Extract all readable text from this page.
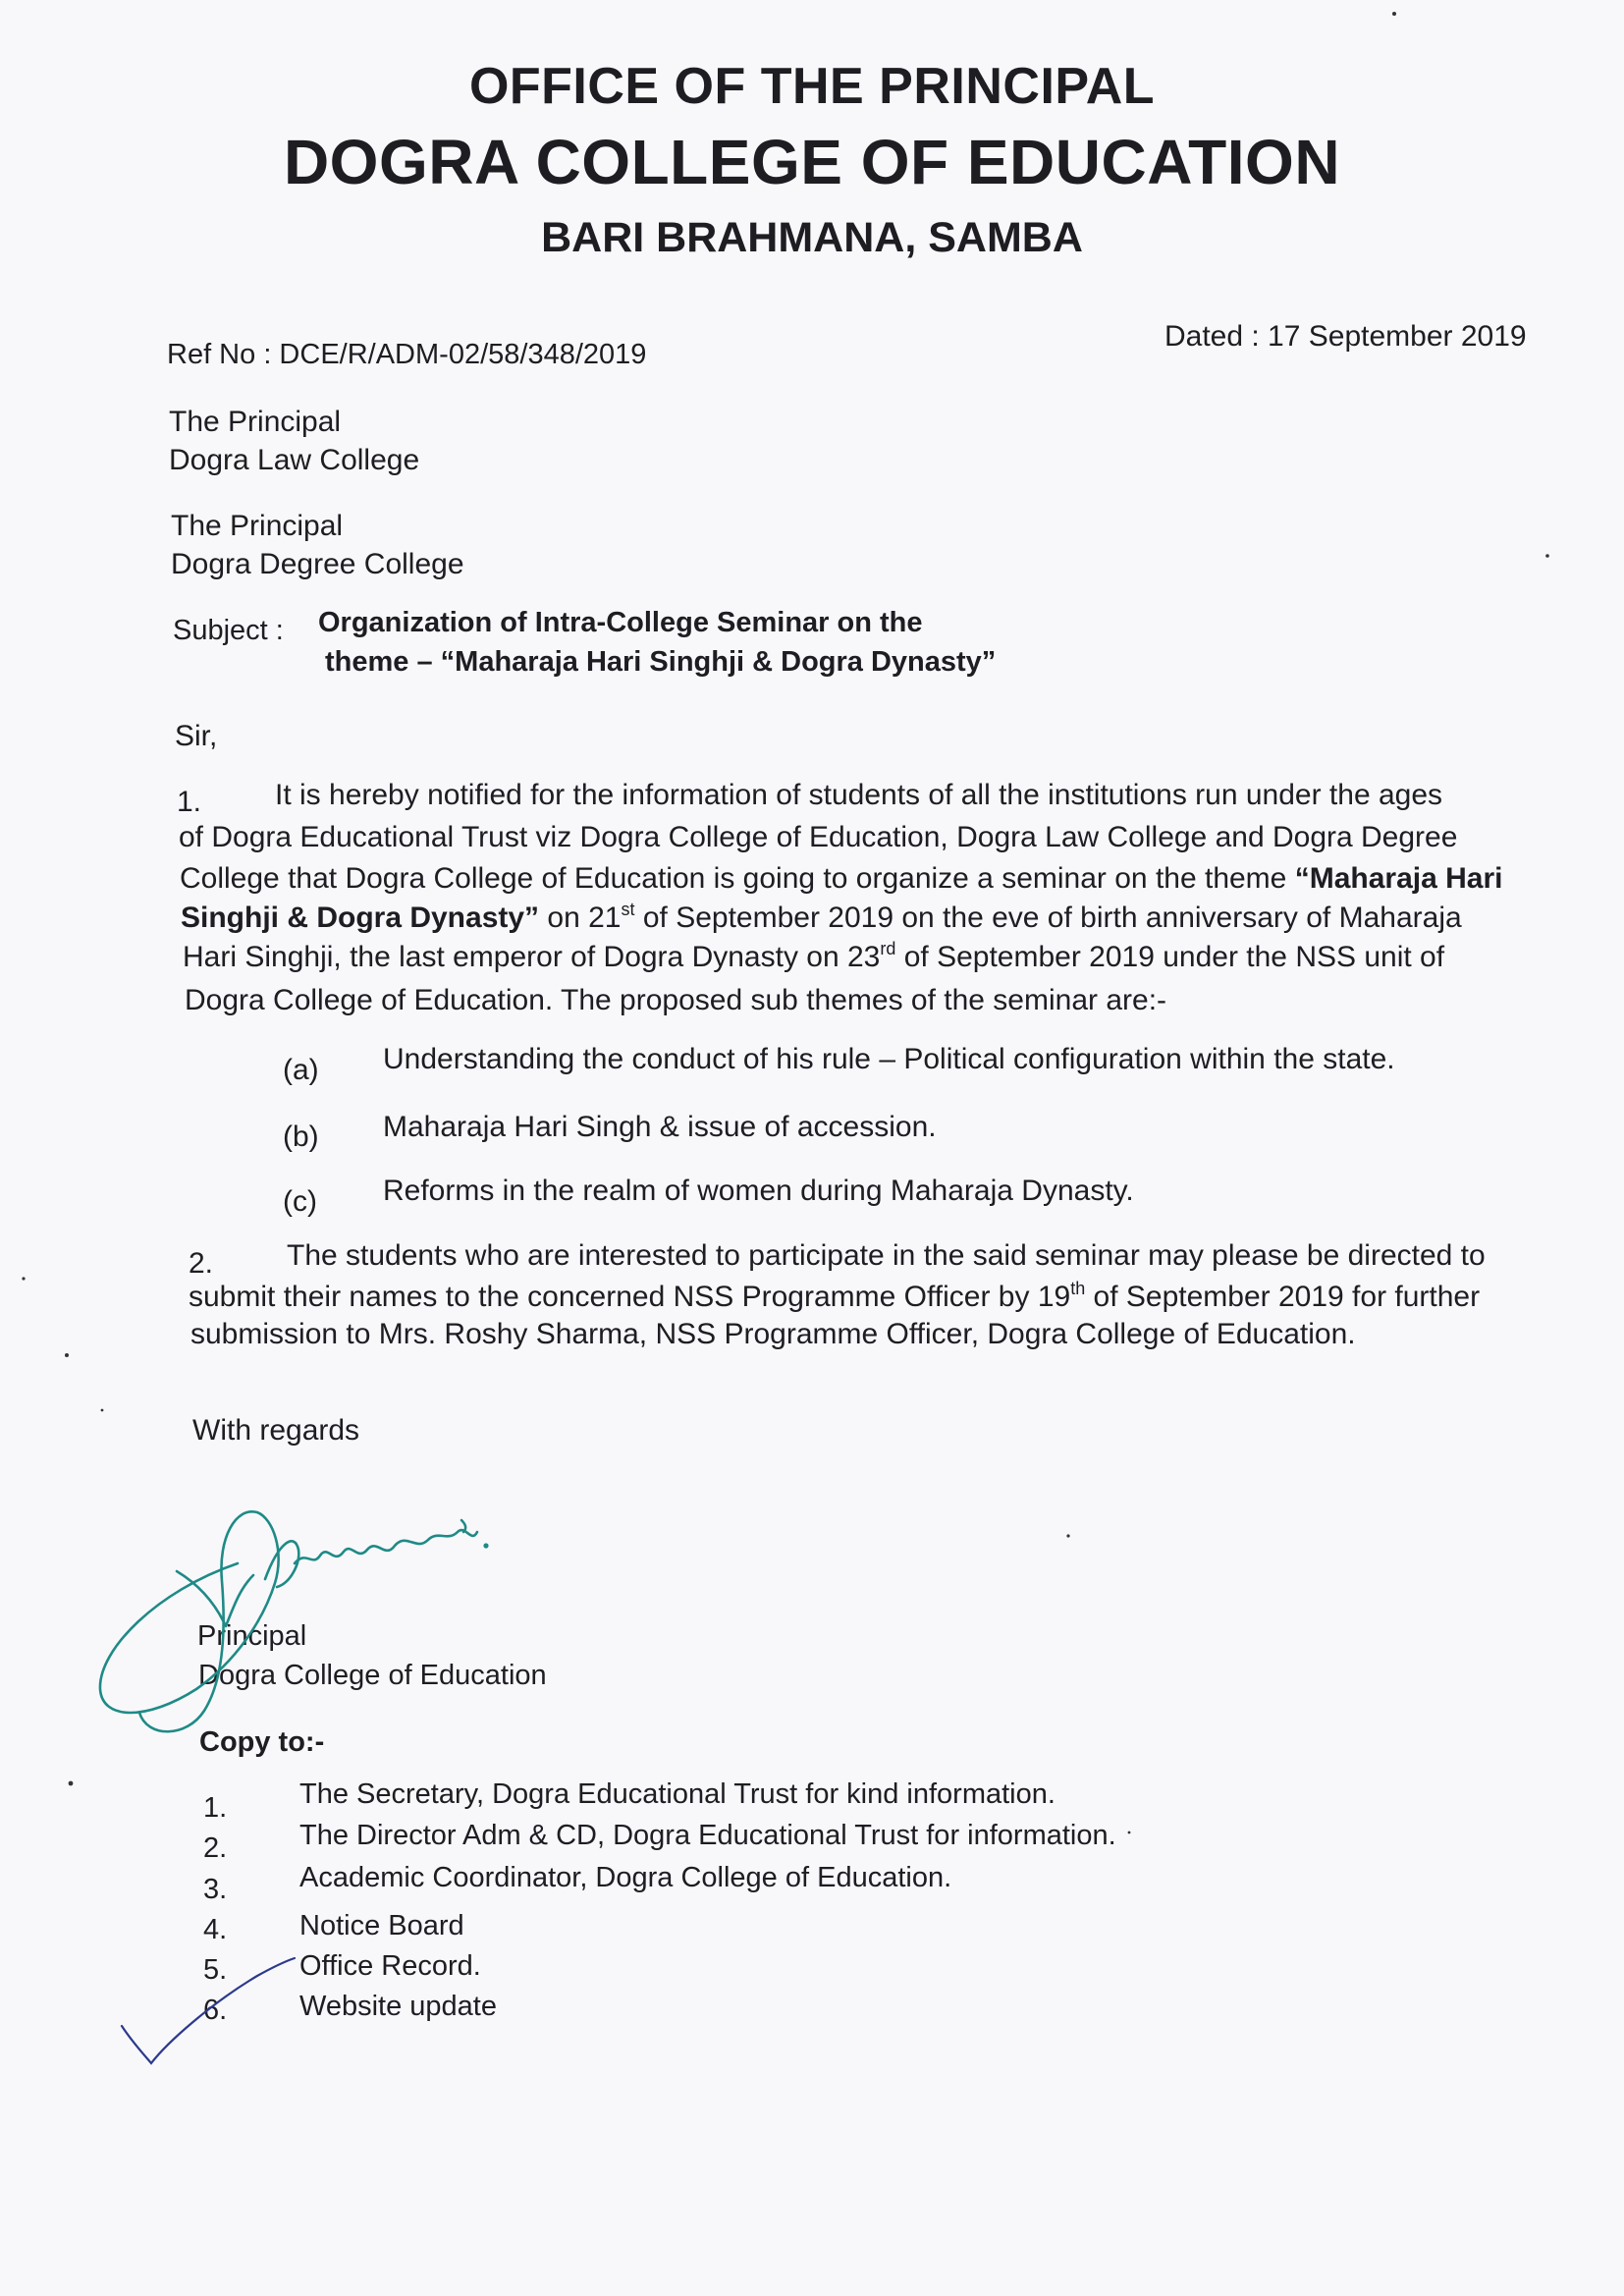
OFFICE OF THE PRINCIPAL
DOGRA COLLEGE OF EDUCATION
BARI BRAHMANA, SAMBA
Ref No : DCE/R/ADM-02/58/348/2019
Dated : 17 September 2019
The Principal
Dogra Law College
The Principal
Dogra Degree College
Subject : Organization of Intra-College Seminar on the
theme – “Maharaja Hari Singhji & Dogra Dynasty”
Sir,
1. It is hereby notified for the information of students of all the institutions run under the ages
of Dogra Educational Trust viz Dogra College of Education, Dogra Law College and Dogra Degree
College that Dogra College of Education is going to organize a seminar on the theme “Maharaja Hari
Singhji & Dogra Dynasty” on 21st of September 2019 on the eve of birth anniversary of Maharaja
Hari Singhji, the last emperor of Dogra Dynasty on 23rd of September 2019 under the NSS unit of
Dogra College of Education. The proposed sub themes of the seminar are:-
(a) Understanding the conduct of his rule – Political configuration within the state.
(b) Maharaja Hari Singh & issue of accession.
(c) Reforms in the realm of women during Maharaja Dynasty.
2. The students who are interested to participate in the said seminar may please be directed to
submit their names to the concerned NSS Programme Officer by 19th of September 2019 for further
submission to Mrs. Roshy Sharma, NSS Programme Officer, Dogra College of Education.
With regards
Principal
Dogra College of Education
Copy to:-
1.	The Secretary, Dogra Educational Trust for kind information.
2.	The Director Adm & CD, Dogra Educational Trust for information.
3.	Academic Coordinator, Dogra College of Education.
4.	Notice Board
5.	Office Record.
6.	Website update
